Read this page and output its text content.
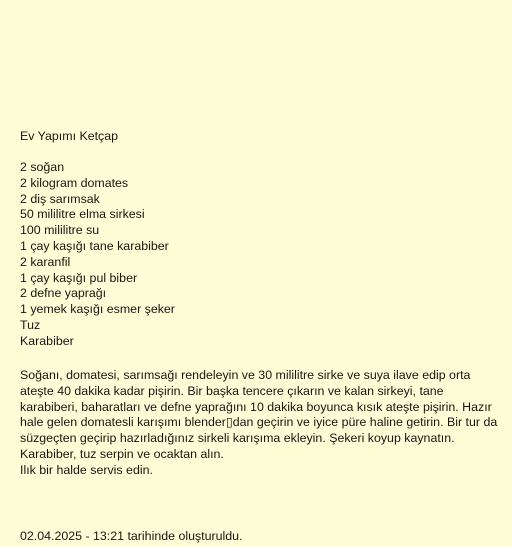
Ev Yapımı Ketçap
2 soğan
2 kilogram domates
2 diş sarımsak
50 mililitre elma sirkesi
100 mililitre su
1 çay kaşığı tane karabiber
2 karanfil
1 çay kaşığı pul biber
2 defne yaprağı
1 yemek kaşığı esmer şeker
Tuz
Karabiber

Soğanı, domatesi, sarımsağı rendeleyin ve 30 mililitre sirke ve suya ilave edip orta ateşte 40 dakika kadar pişirin. Bir başka tencere çıkarın ve kalan sirkeyi, tane karabiberi, baharatları ve defne yaprağını 10 dakika boyunca kısık ateşte pişirin. Hazır hale gelen domatesli karışımı blender▯dan geçirin ve iyice püre haline getirin. Bir tur da süzgeçten geçirip hazırladığınız sirkeli karışıma ekleyin. Şekeri koyup kaynatın. Karabiber, tuz serpin ve ocaktan alın.

Ilık bir halde servis edin.

02.04.2025 - 13:21 tarihinde oluşturuldu.
